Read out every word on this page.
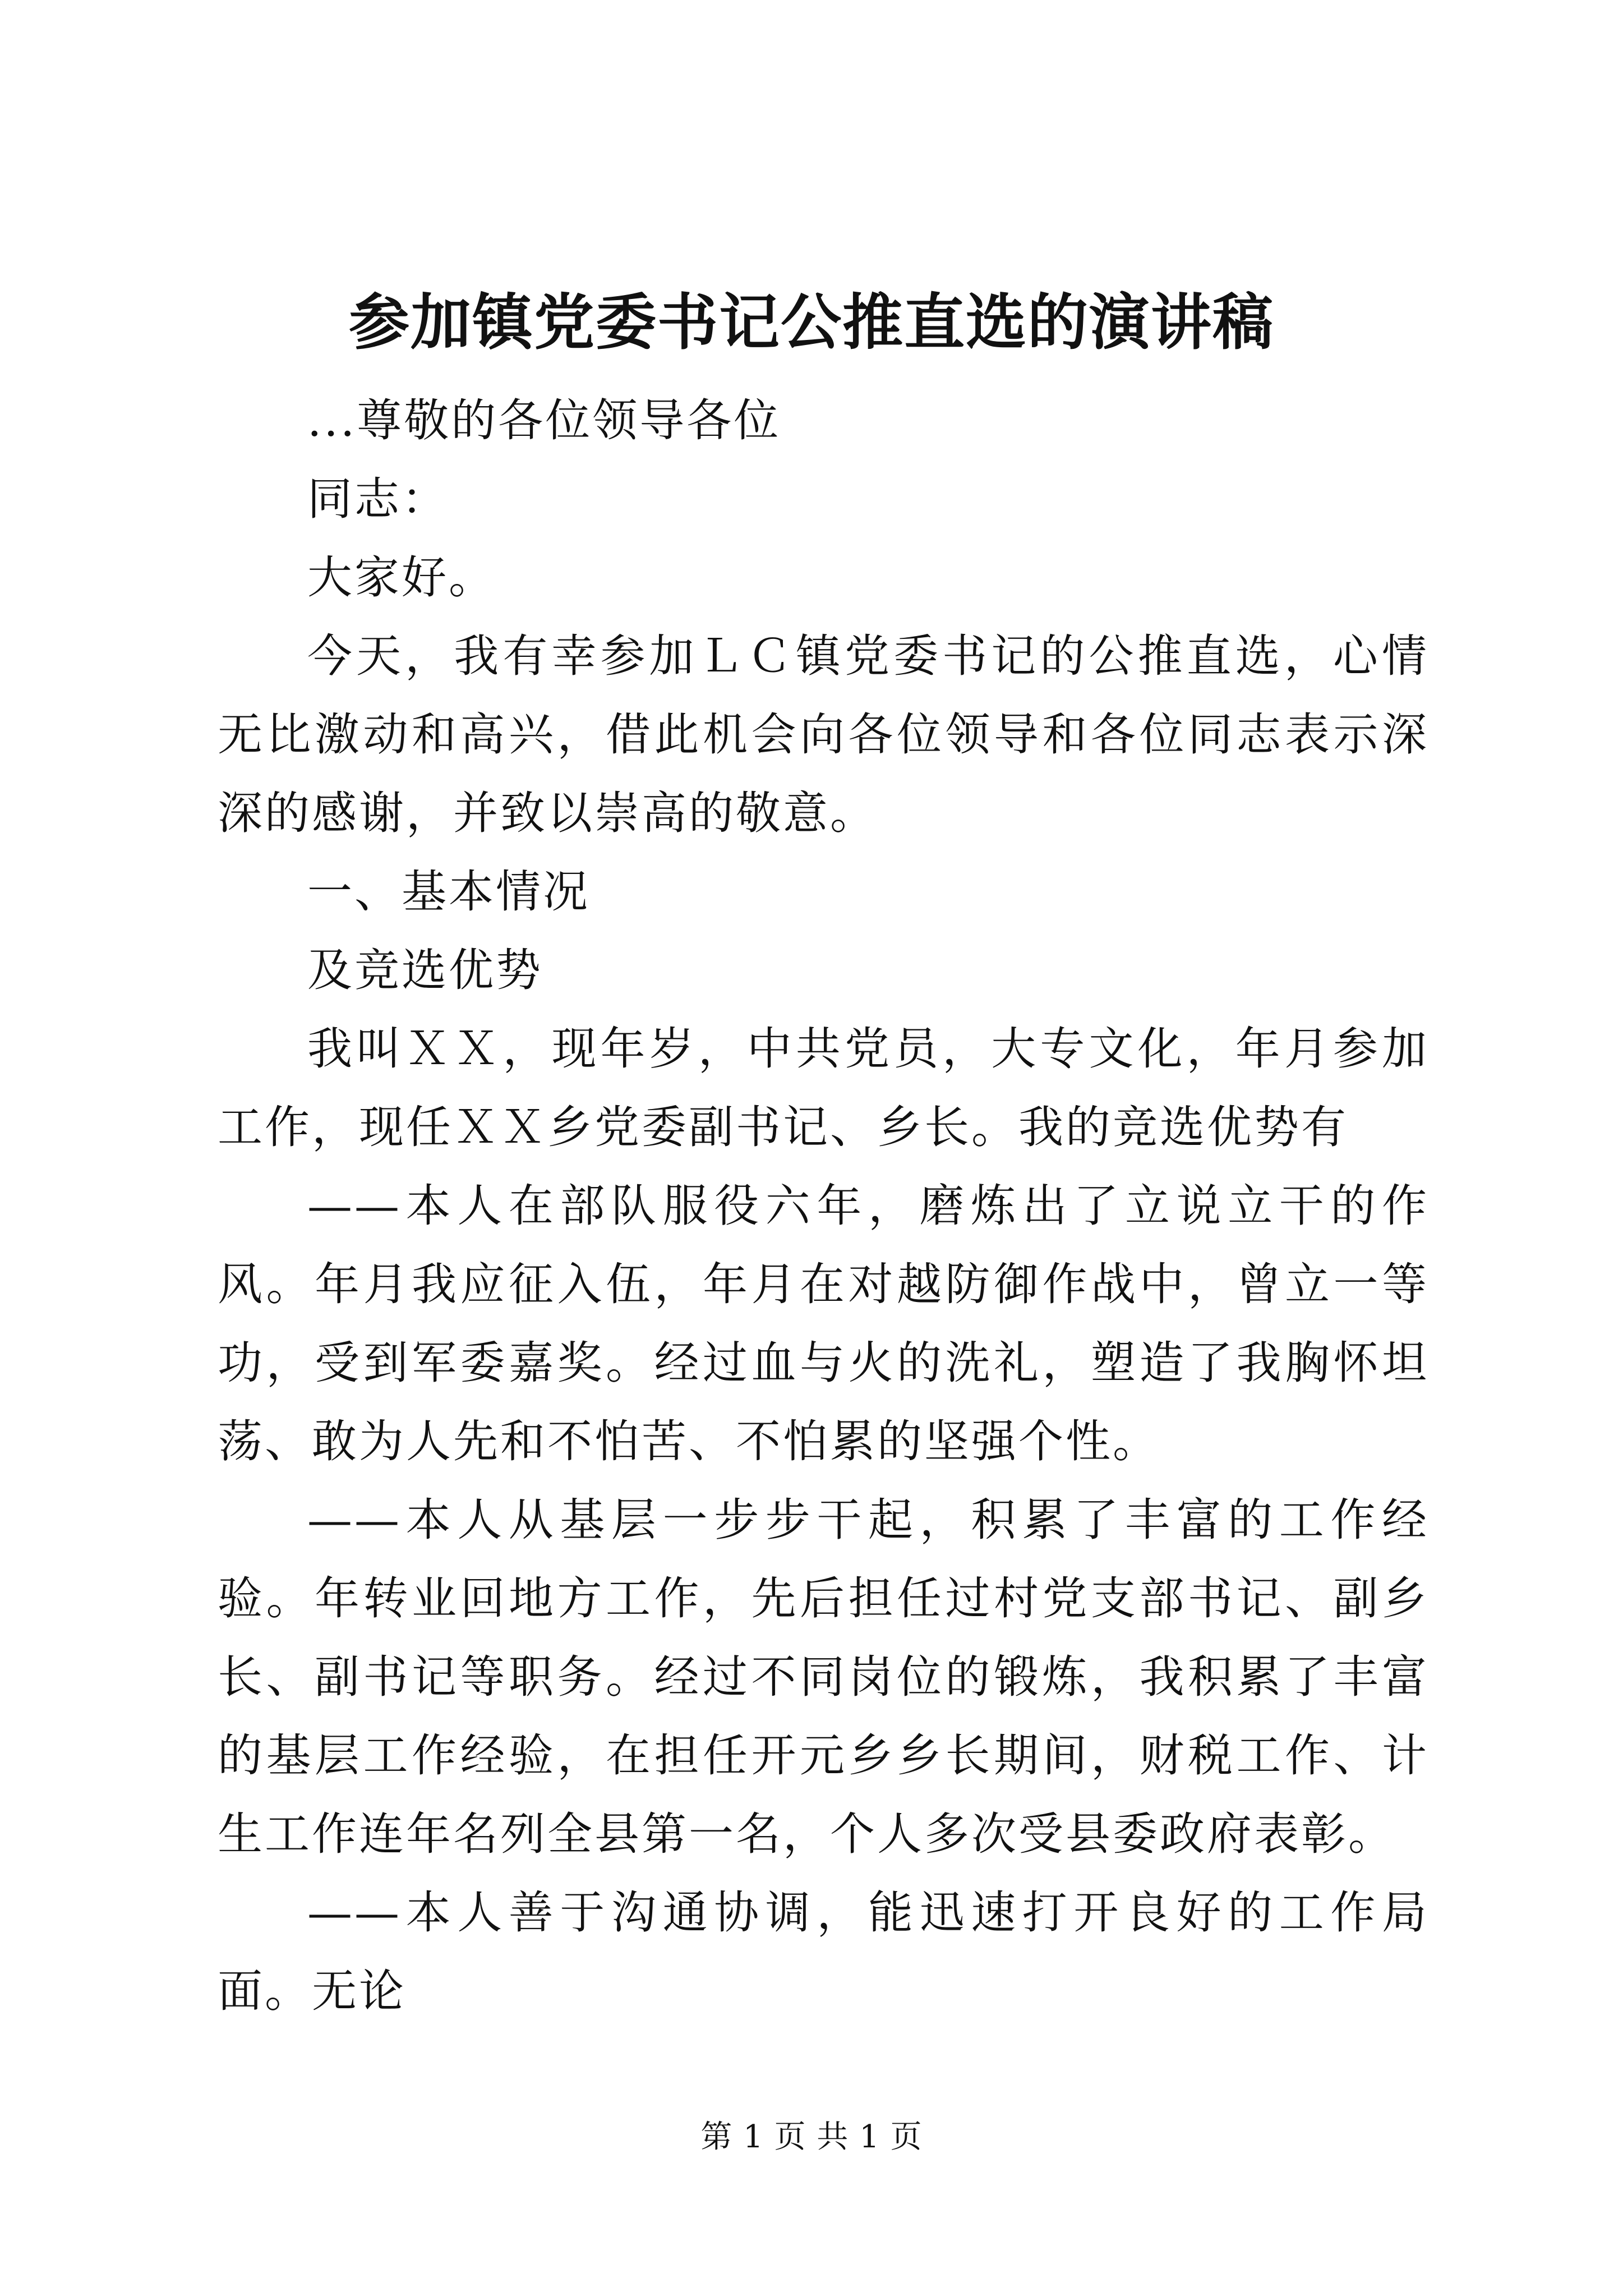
参加镇党委书记公推直选的演讲稿

...尊敬的各位领导各位

同志：

大家好。

今天，我有幸参加ＬＣ镇党委书记的公推直选，心情无比激动和高兴，借此机会向各位领导和各位同志表示深深的感谢，并致以崇高的敬意。

一、基本情况

及竞选优势

我叫ＸＸ，现年岁，中共党员，大专文化，年月参加工作，现任ＸＸ乡党委副书记、乡长。我的竞选优势有

——本人在部队服役六年，磨炼出了立说立干的作风。年月我应征入伍，年月在对越防御作战中，曾立一等功，受到军委嘉奖。经过血与火的洗礼，塑造了我胸怀坦荡、敢为人先和不怕苦、不怕累的坚强个性。

——本人从基层一步步干起，积累了丰富的工作经验。年转业回地方工作，先后担任过村党支部书记、副乡长、副书记等职务。经过不同岗位的锻炼，我积累了丰富的基层工作经验，在担任开元乡乡长期间，财税工作、计生工作连年名列全县第一名，个人多次受县委政府表彰。

——本人善于沟通协调，能迅速打开良好的工作局面。无论

第 1 页 共 1 页
